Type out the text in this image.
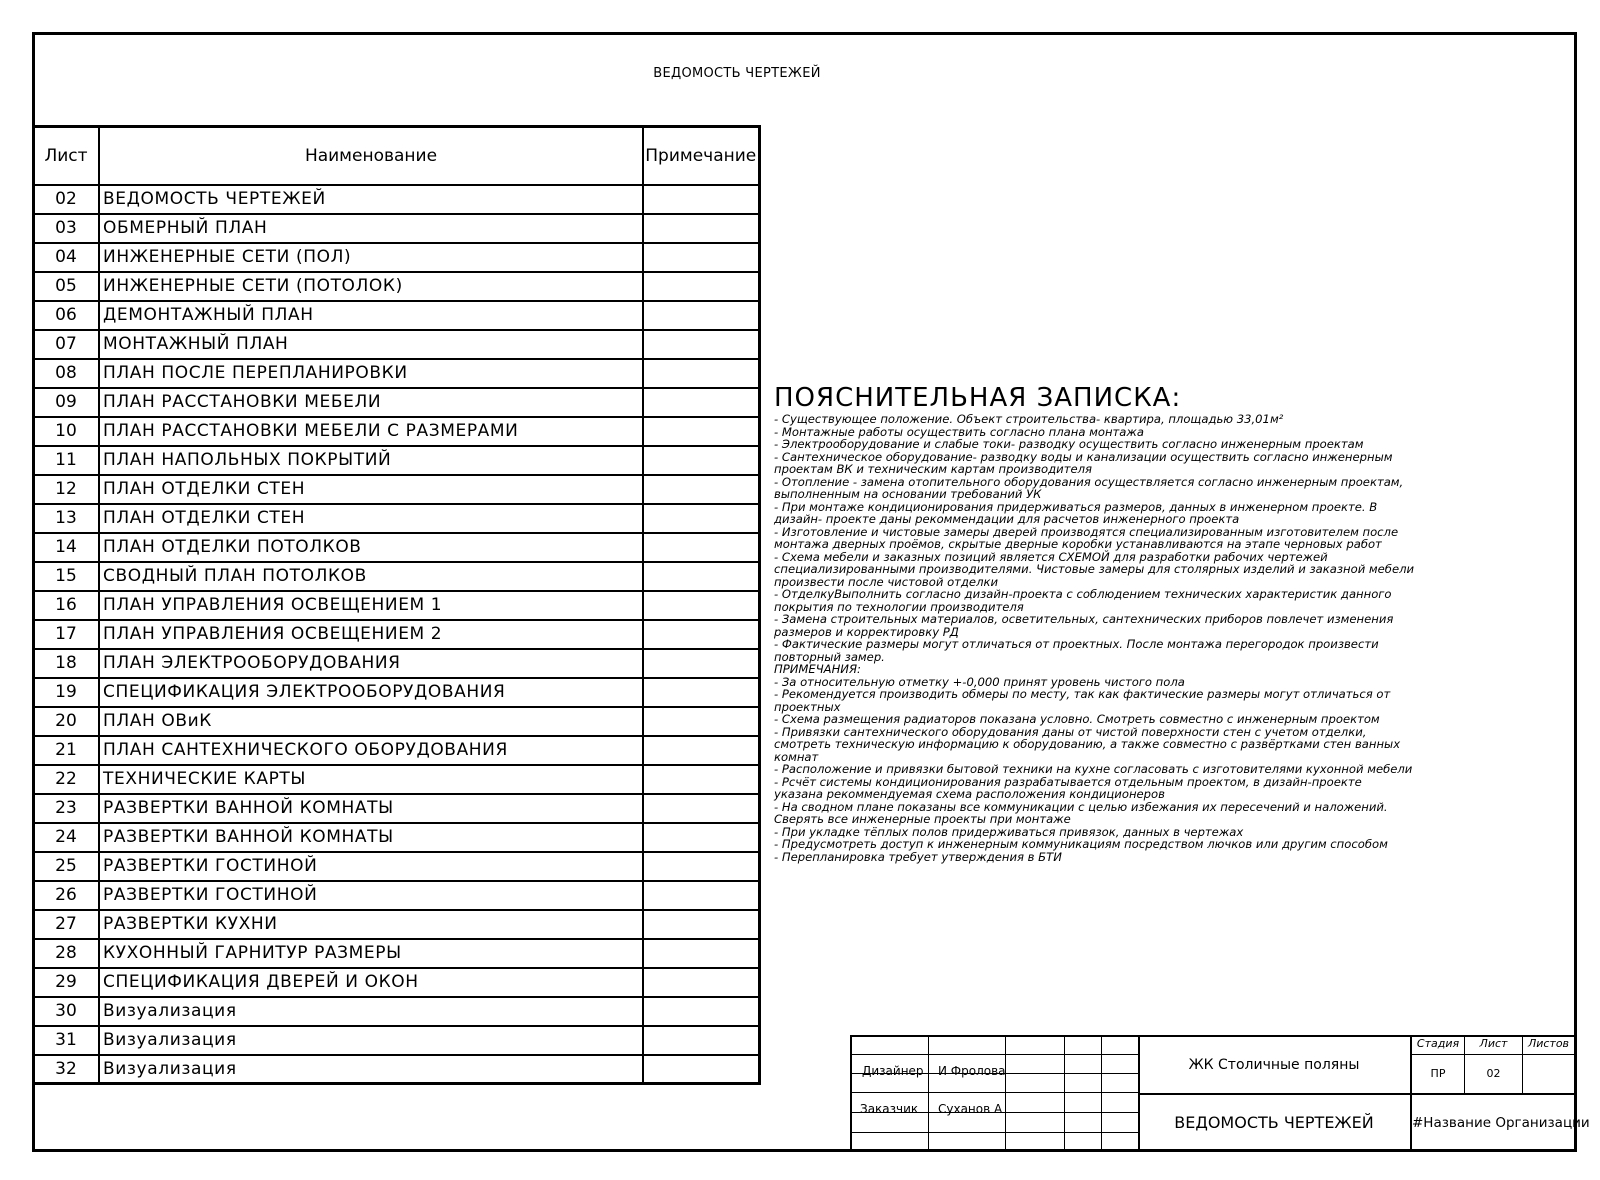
ВЕДОМОСТЬ ЧЕРТЕЖЕЙ
Лист	Наименование	Примечание
02	ВЕДОМОСТЬ ЧЕРТЕЖЕЙ	
03	ОБМЕРНЫЙ ПЛАН	
04	ИНЖЕНЕРНЫЕ СЕТИ (ПОЛ)	
05	ИНЖЕНЕРНЫЕ СЕТИ (ПОТОЛОК)	
06	ДЕМОНТАЖНЫЙ ПЛАН	
07	МОНТАЖНЫЙ ПЛАН	
08	ПЛАН ПОСЛЕ ПЕРЕПЛАНИРОВКИ	
09	ПЛАН РАССТАНОВКИ МЕБЕЛИ	
10	ПЛАН РАССТАНОВКИ МЕБЕЛИ С РАЗМЕРАМИ	
11	ПЛАН НАПОЛЬНЫХ ПОКРЫТИЙ	
12	ПЛАН ОТДЕЛКИ СТЕН	
13	ПЛАН ОТДЕЛКИ СТЕН	
14	ПЛАН ОТДЕЛКИ ПОТОЛКОВ	
15	СВОДНЫЙ ПЛАН ПОТОЛКОВ	
16	ПЛАН УПРАВЛЕНИЯ ОСВЕЩЕНИЕМ 1	
17	ПЛАН УПРАВЛЕНИЯ ОСВЕЩЕНИЕМ 2	
18	ПЛАН ЭЛЕКТРООБОРУДОВАНИЯ	
19	СПЕЦИФИКАЦИЯ ЭЛЕКТРООБОРУДОВАНИЯ	
20	ПЛАН ОВиК	
21	ПЛАН САНТЕХНИЧЕСКОГО ОБОРУДОВАНИЯ	
22	ТЕХНИЧЕСКИЕ КАРТЫ	
23	РАЗВЕРТКИ ВАННОЙ КОМНАТЫ	
24	РАЗВЕРТКИ ВАННОЙ КОМНАТЫ	
25	РАЗВЕРТКИ ГОСТИНОЙ	
26	РАЗВЕРТКИ ГОСТИНОЙ	
27	РАЗВЕРТКИ КУХНИ	
28	КУХОННЫЙ ГАРНИТУР РАЗМЕРЫ	
29	СПЕЦИФИКАЦИЯ ДВЕРЕЙ И ОКОН	
30	Визуализация	
31	Визуализация	
32	Визуализация	
ПОЯСНИТЕЛЬНАЯ ЗАПИСКА:
- Существующее положение. Объект строительства- квартира, площадью 33,01м²
- Монтажные работы осуществить согласно плана монтажа
- Электрооборудование и слабые токи- разводку осуществить согласно инженерным проектам
- Сантехническое оборудование- разводку воды и канализации осуществить согласно инженерным
проектам ВК и техническим картам производителя
- Отопление - замена отопительного оборудования осуществляется согласно инженерным проектам,
выполненным на основании требований УК
- При монтаже кондиционирования придерживаться размеров, данных в инженерном проекте. В
дизайн- проекте даны рекоммендации для расчетов инженерного проекта
- Изготовление и чистовые замеры дверей производятся специализированным изготовителем после
монтажа дверных проёмов, скрытые дверные коробки устанавливаются на этапе черновых работ
- Схема мебели и заказных позиций является СХЕМОЙ для разработки рабочих чертежей
специализированными производителями. Чистовые замеры для столярных изделий и заказной мебели
произвести после чистовой отделки
- ОтделкуВыполнить согласно дизайн-проекта с соблюдением технических характеристик данного
покрытия по технологии производителя
- Замена строительных материалов, осветительных, сантехнических приборов повлечет изменения
размеров и корректировку РД
- Фактические размеры могут отличаться от проектных. После монтажа перегородок произвести
повторный замер.
ПРИМЕЧАНИЯ:
- За относительную отметку +-0,000 принят уровень чистого пола
- Рекомендуется производить обмеры по месту, так как фактические размеры могут отличаться от
проектных
- Схема размещения радиаторов показана условно. Смотреть совместно с инженерным проектом
- Привязки сантехнического оборудования даны от чистой поверхности стен с учетом отделки,
смотреть техническую информацию к оборудованию, а также совместно с развёртками стен ванных
комнат
- Расположение и привязки бытовой техники на кухне согласовать с изготовителями кухонной мебели
- Рсчёт системы кондиционирования разрабатывается отдельным проектом, в дизайн-проекте
указана рекоммендуемая схема расположения кондиционеров
- На сводном плане показаны все коммуникации с целью избежания их пересечений и наложений.
Сверять все инженерные проекты при монтаже
- При укладке тёплых полов придерживаться привязок, данных в чертежах
- Предусмотреть доступ к инженерным коммуникациям посредством лючков или другим способом
- Перепланировка требует утверждения в БТИ
Дизайнер И Фролова
Заказчик Суханов А
ЖК Столичные поляны
ВЕДОМОСТЬ ЧЕРТЕЖЕЙ
Стадия	Лист	Листов
ПР	02
#Название Организации
